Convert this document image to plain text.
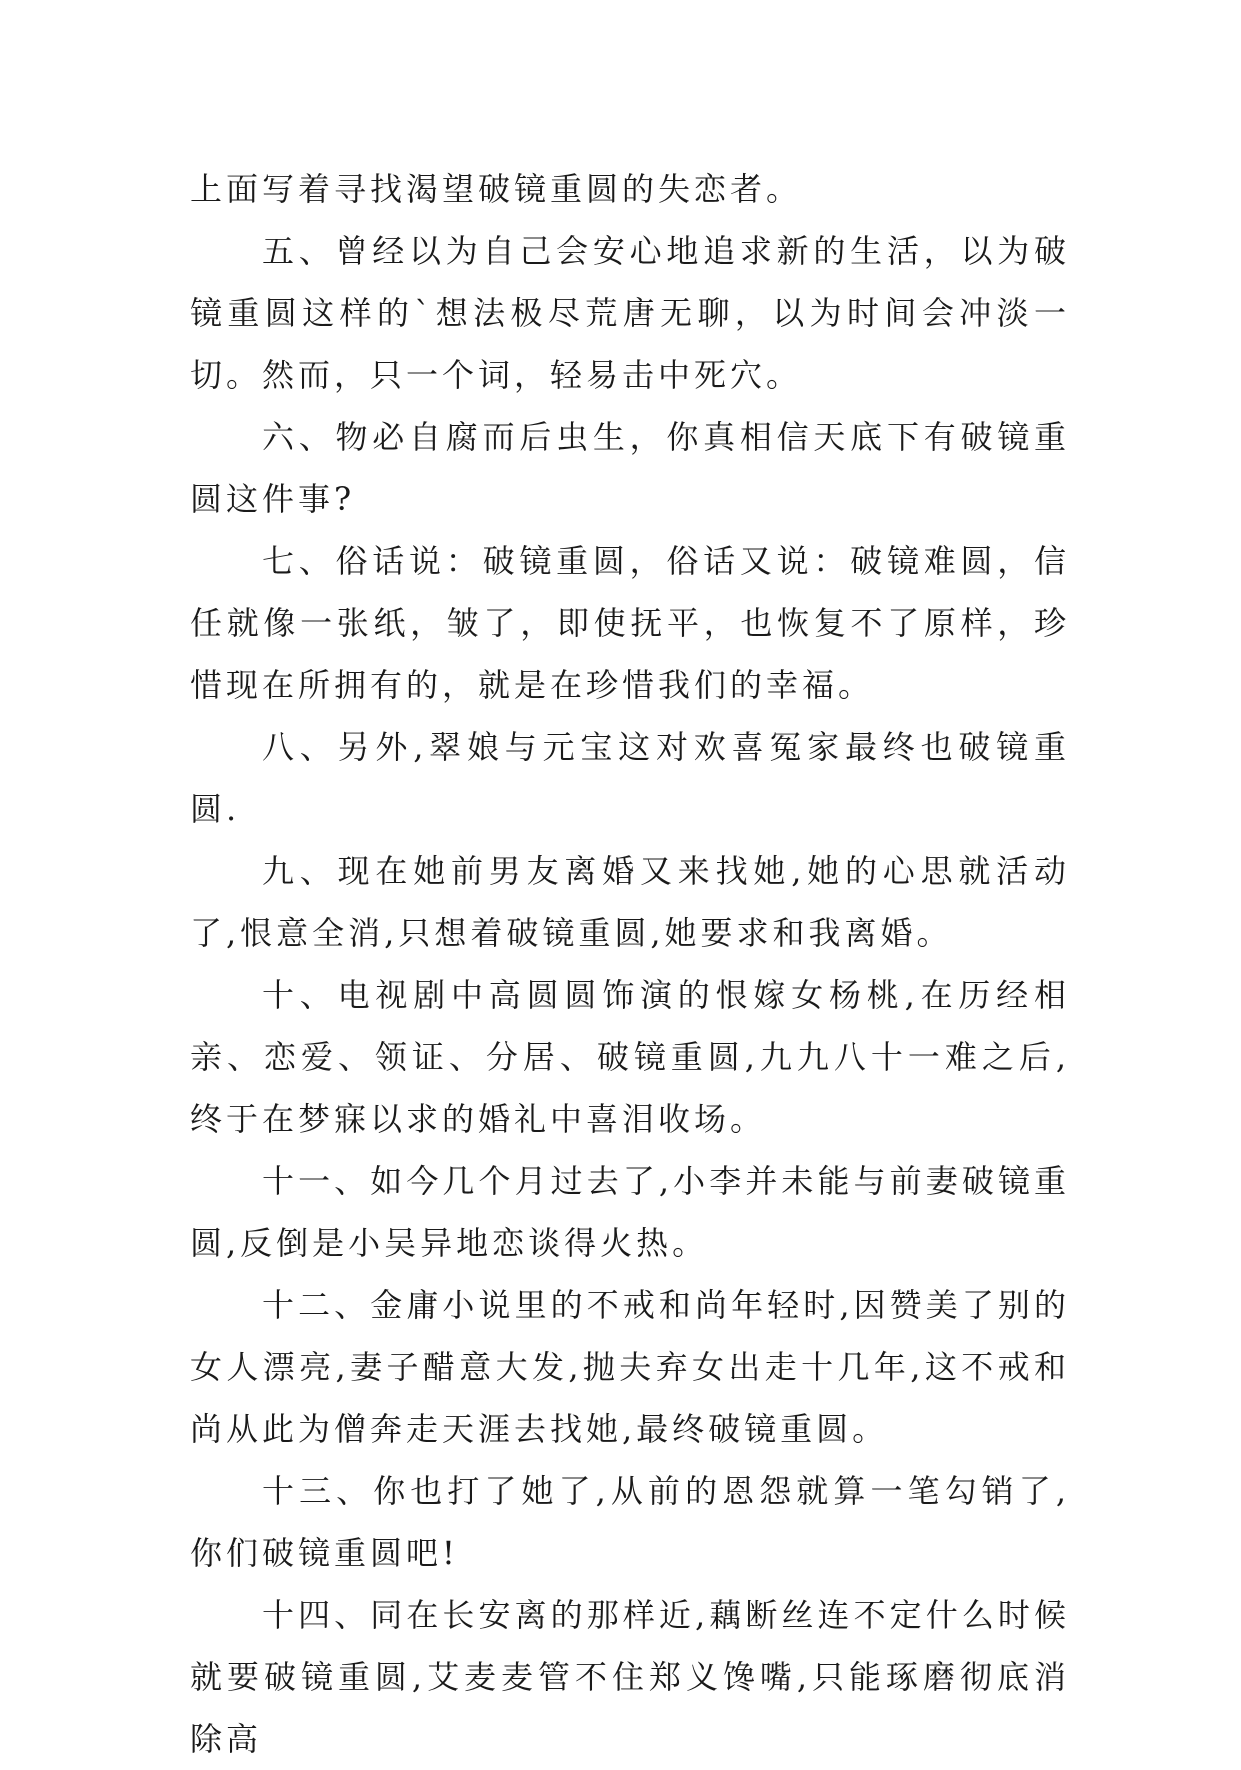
上面写着寻找渴望破镜重圆的失恋者。

五、曾经以为自己会安心地追求新的生活，以为破镜重圆这样的`想法极尽荒唐无聊，以为时间会冲淡一切。然而，只一个词，轻易击中死穴。

六、物必自腐而后虫生，你真相信天底下有破镜重圆这件事?

七、俗话说：破镜重圆，俗话又说：破镜难圆，信任就像一张纸，皱了，即使抚平，也恢复不了原样，珍惜现在所拥有的，就是在珍惜我们的幸福。

八、另外,翠娘与元宝这对欢喜冤家最终也破镜重圆.

九、现在她前男友离婚又来找她,她的心思就活动了,恨意全消,只想着破镜重圆,她要求和我离婚。

十、电视剧中高圆圆饰演的恨嫁女杨桃,在历经相亲、恋爱、领证、分居、破镜重圆,九九八十一难之后,终于在梦寐以求的婚礼中喜泪收场。

十一、如今几个月过去了,小李并未能与前妻破镜重圆,反倒是小吴异地恋谈得火热。

十二、金庸小说里的不戒和尚年轻时,因赞美了别的女人漂亮,妻子醋意大发,抛夫弃女出走十几年,这不戒和尚从此为僧奔走天涯去找她,最终破镜重圆。

十三、你也打了她了,从前的恩怨就算一笔勾销了,你们破镜重圆吧!

十四、同在长安离的那样近,藕断丝连不定什么时候就要破镜重圆,艾麦麦管不住郑义馋嘴,只能琢磨彻底消除高
